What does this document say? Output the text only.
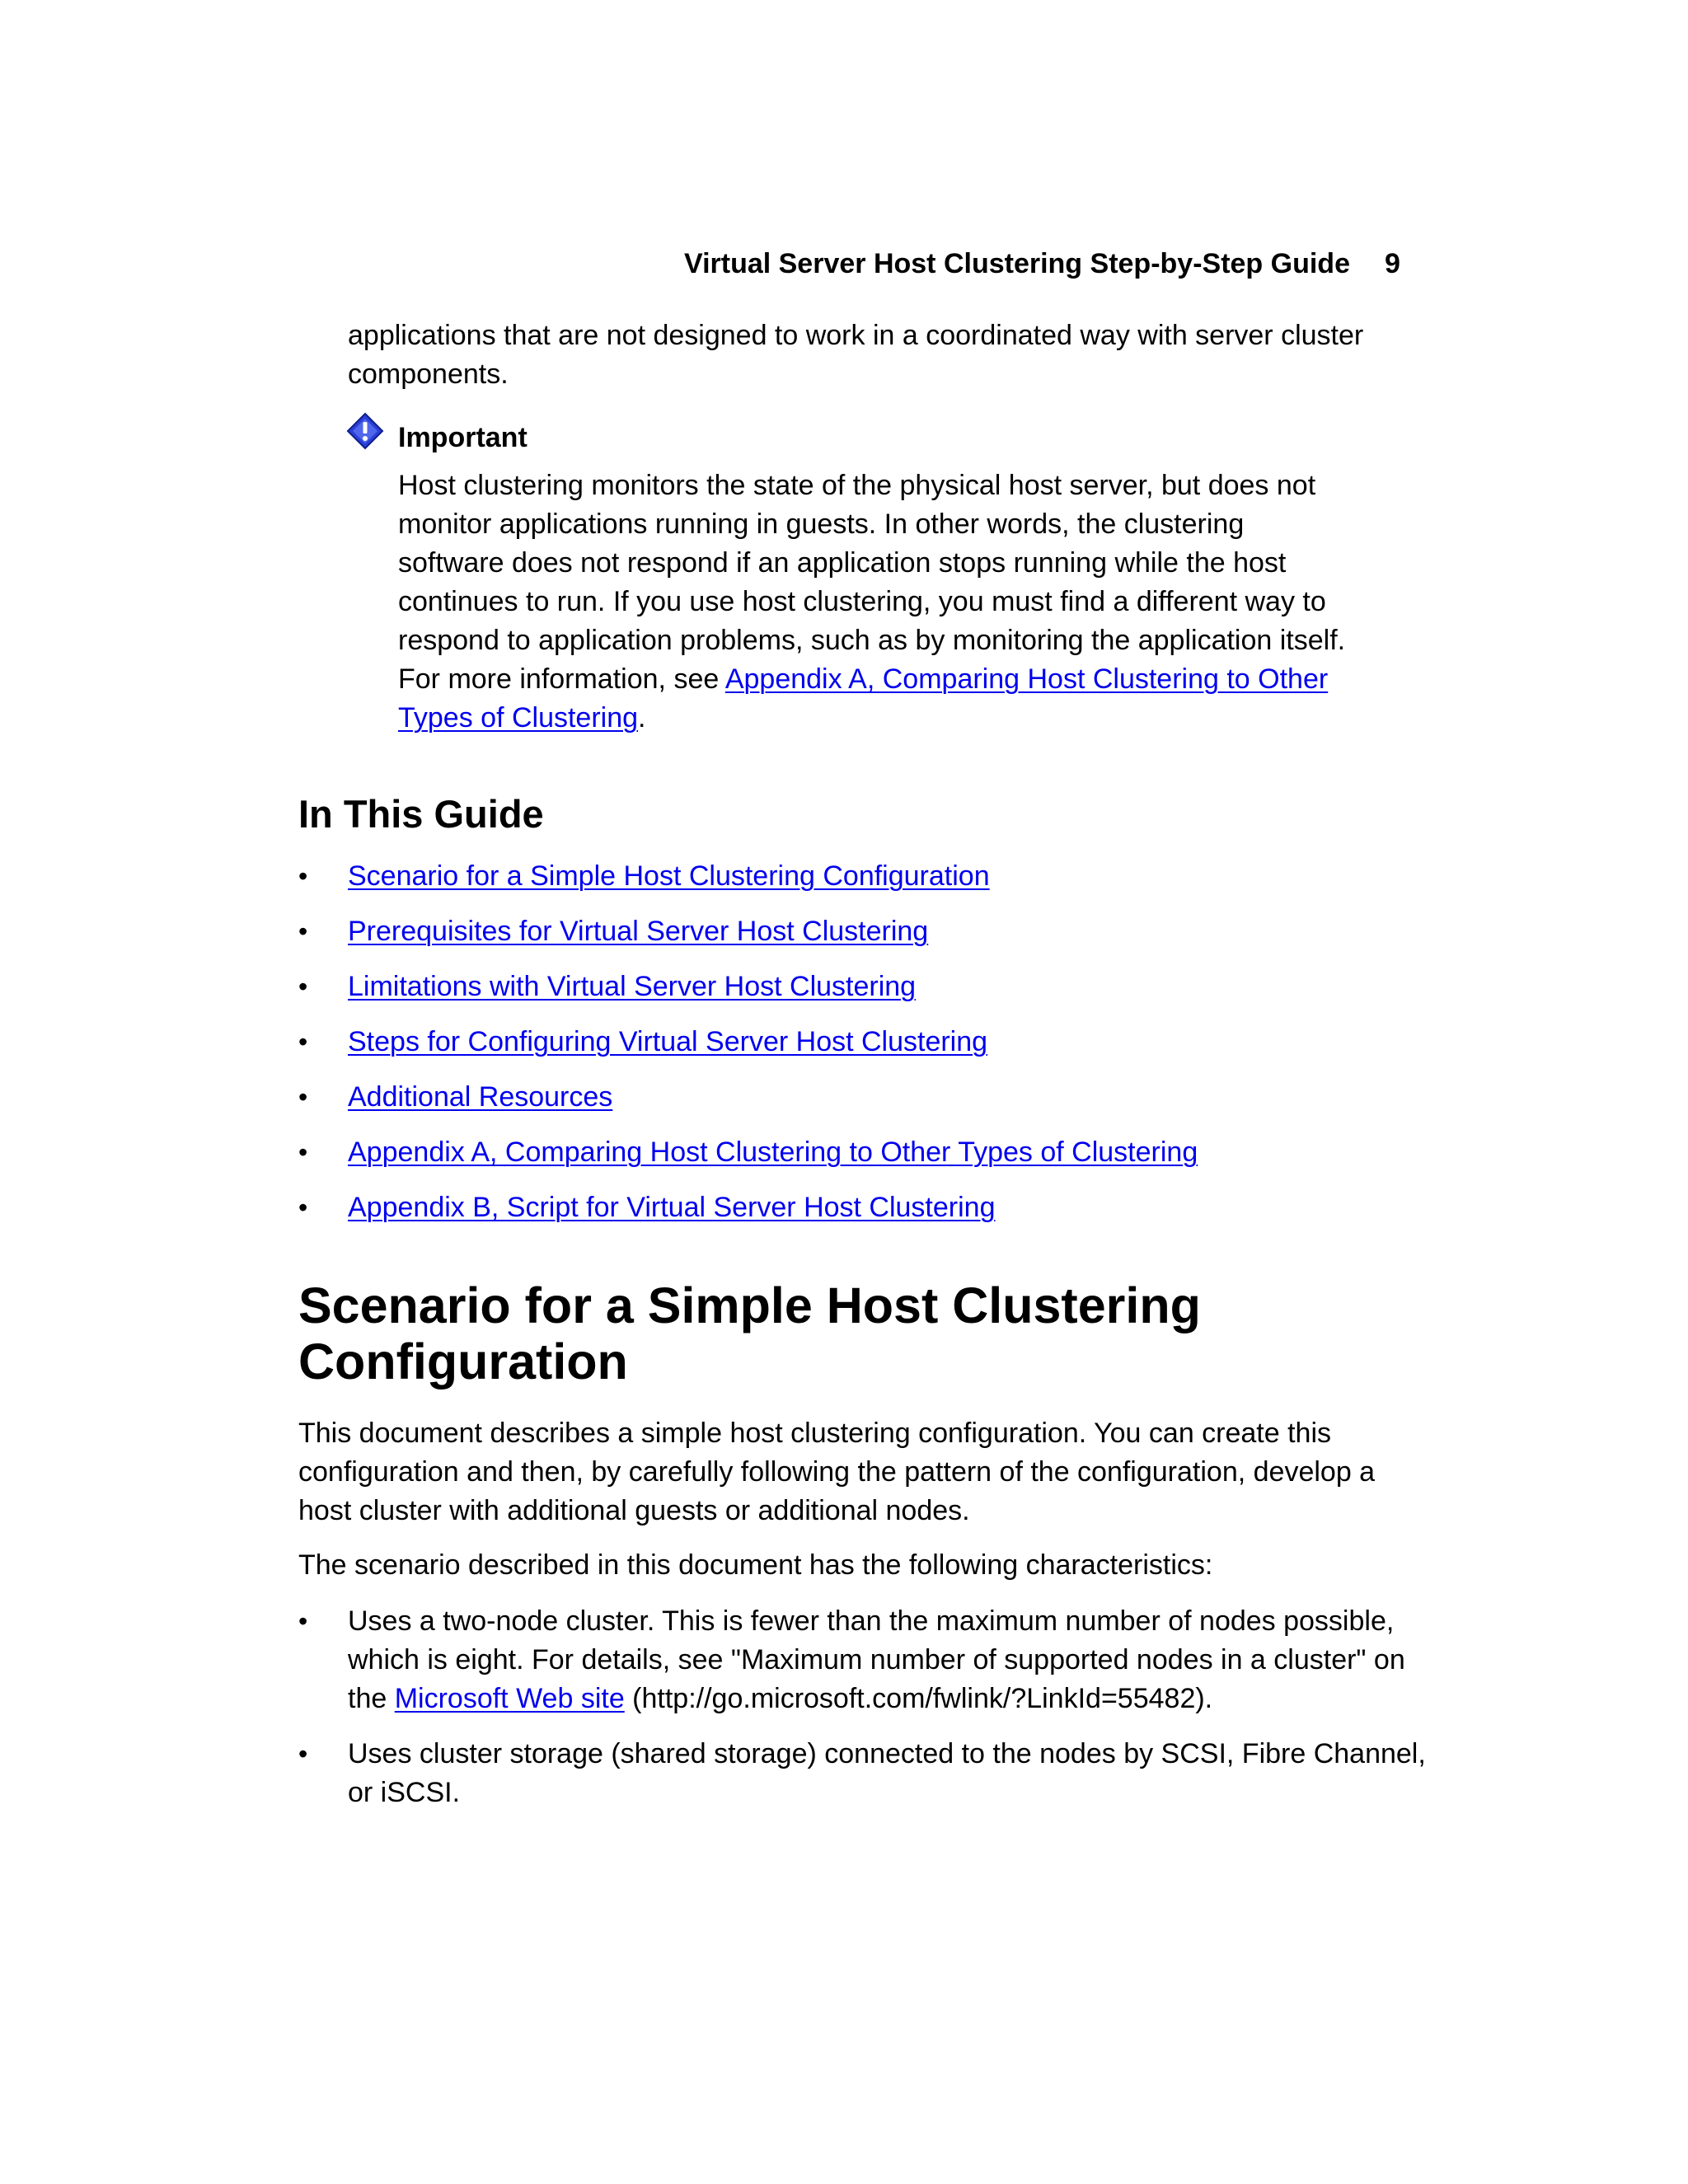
Virtual Server Host Clustering Step-by-Step Guide 9

applications that are not designed to work in a coordinated way with server cluster components.

Important

Host clustering monitors the state of the physical host server, but does not monitor applications running in guests. In other words, the clustering software does not respond if an application stops running while the host continues to run. If you use host clustering, you must find a different way to respond to application problems, such as by monitoring the application itself. For more information, see Appendix A, Comparing Host Clustering to Other Types of Clustering.

In This Guide
• Scenario for a Simple Host Clustering Configuration
• Prerequisites for Virtual Server Host Clustering
• Limitations with Virtual Server Host Clustering
• Steps for Configuring Virtual Server Host Clustering
• Additional Resources
• Appendix A, Comparing Host Clustering to Other Types of Clustering
• Appendix B, Script for Virtual Server Host Clustering
Scenario for a Simple Host Clustering Configuration

This document describes a simple host clustering configuration. You can create this configuration and then, by carefully following the pattern of the configuration, develop a host cluster with additional guests or additional nodes.

The scenario described in this document has the following characteristics:

• Uses a two-node cluster. This is fewer than the maximum number of nodes possible, which is eight. For details, see "Maximum number of supported nodes in a cluster" on the Microsoft Web site (http://go.microsoft.com/fwlink/?LinkId=55482).
• Uses cluster storage (shared storage) connected to the nodes by SCSI, Fibre Channel, or iSCSI.
